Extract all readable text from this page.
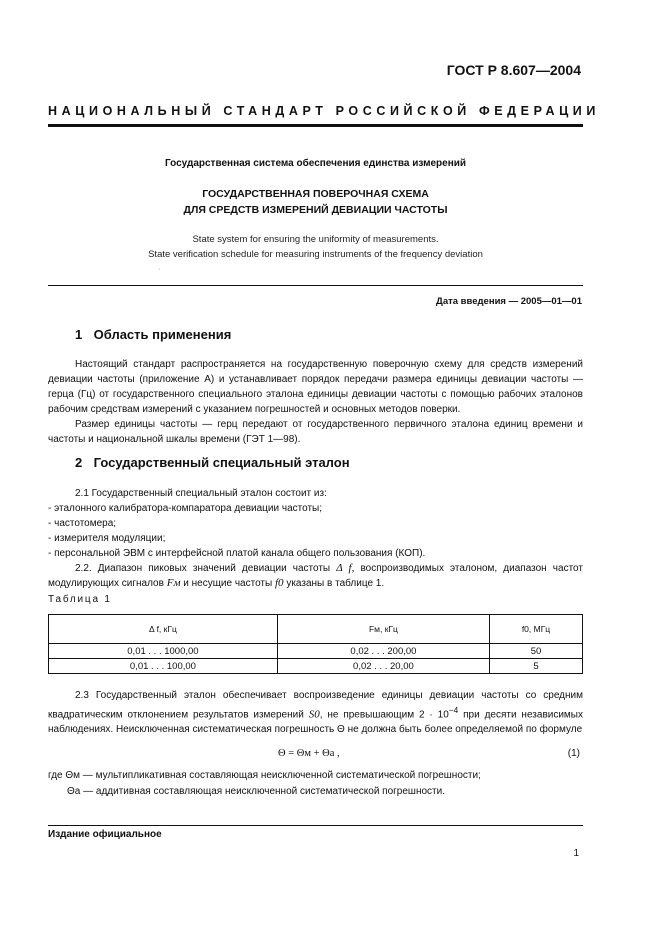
ГОСТ Р 8.607—2004
НАЦИОНАЛЬНЫЙ СТАНДАРТ РОССИЙСКОЙ ФЕДЕРАЦИИ
Государственная система обеспечения единства измерений
ГОСУДАРСТВЕННАЯ ПОВЕРОЧНАЯ СХЕМА
ДЛЯ СРЕДСТВ ИЗМЕРЕНИЙ ДЕВИАЦИИ ЧАСТОТЫ
State system for ensuring the uniformity of measurements.
State verification schedule for measuring instruments of the frequency deviation
·
Дата введения — 2005—01—01
1 Область применения

Настоящий стандарт распространяется на государственную поверочную схему для средств измерений девиации частоты (приложение А) и устанавливает порядок передачи размера единицы девиации частоты — герца (Гц) от государственного специального эталона единицы девиации частоты с помощью рабочих эталонов рабочим средствам измерений с указанием погрешностей и основных методов поверки.

Размер единицы частоты — герц передают от государственного первичного эталона единиц времени и частоты и национальной шкалы времени (ГЭТ 1—98).

2 Государственный специальный эталон

2.1 Государственный специальный эталон состоит из:

- эталонного калибратора-компаратора девиации частоты;

- частотомера;

- измерителя модуляции;

- персональной ЭВМ с интерфейсной платой канала общего пользования (КОП).

2.2. Диапазон пиковых значений девиации частоты Δ f, воспроизводимых эталоном, диапазон частот модулирующих сигналов Fм и несущие частоты f0 указаны в таблице 1.

Таблица 1
Δ f, кГц	Fм, кГц	f0, МГц
0,01 . . . 1000,00	0,02 . . . 200,00	50
0,01 . . . 100,00	0,02 . . . 20,00	5

2.3 Государственный эталон обеспечивает воспроизведение единицы девиации частоты со средним квадратическим отклонением результатов измерений S0, не превышающим $2 \cdot 10^{-4}$ при десяти независимых наблюдениях. Неисключенная систематическая погрешность Θ не должна быть более определяемой по формуле

Θ = Θм + Θа ,	(1)
где Θм — мультипликативная составляющая неисключенной систематической погрешности;
Θа — аддитивная составляющая неисключенной систематической погрешности.
Издание официальное
1
